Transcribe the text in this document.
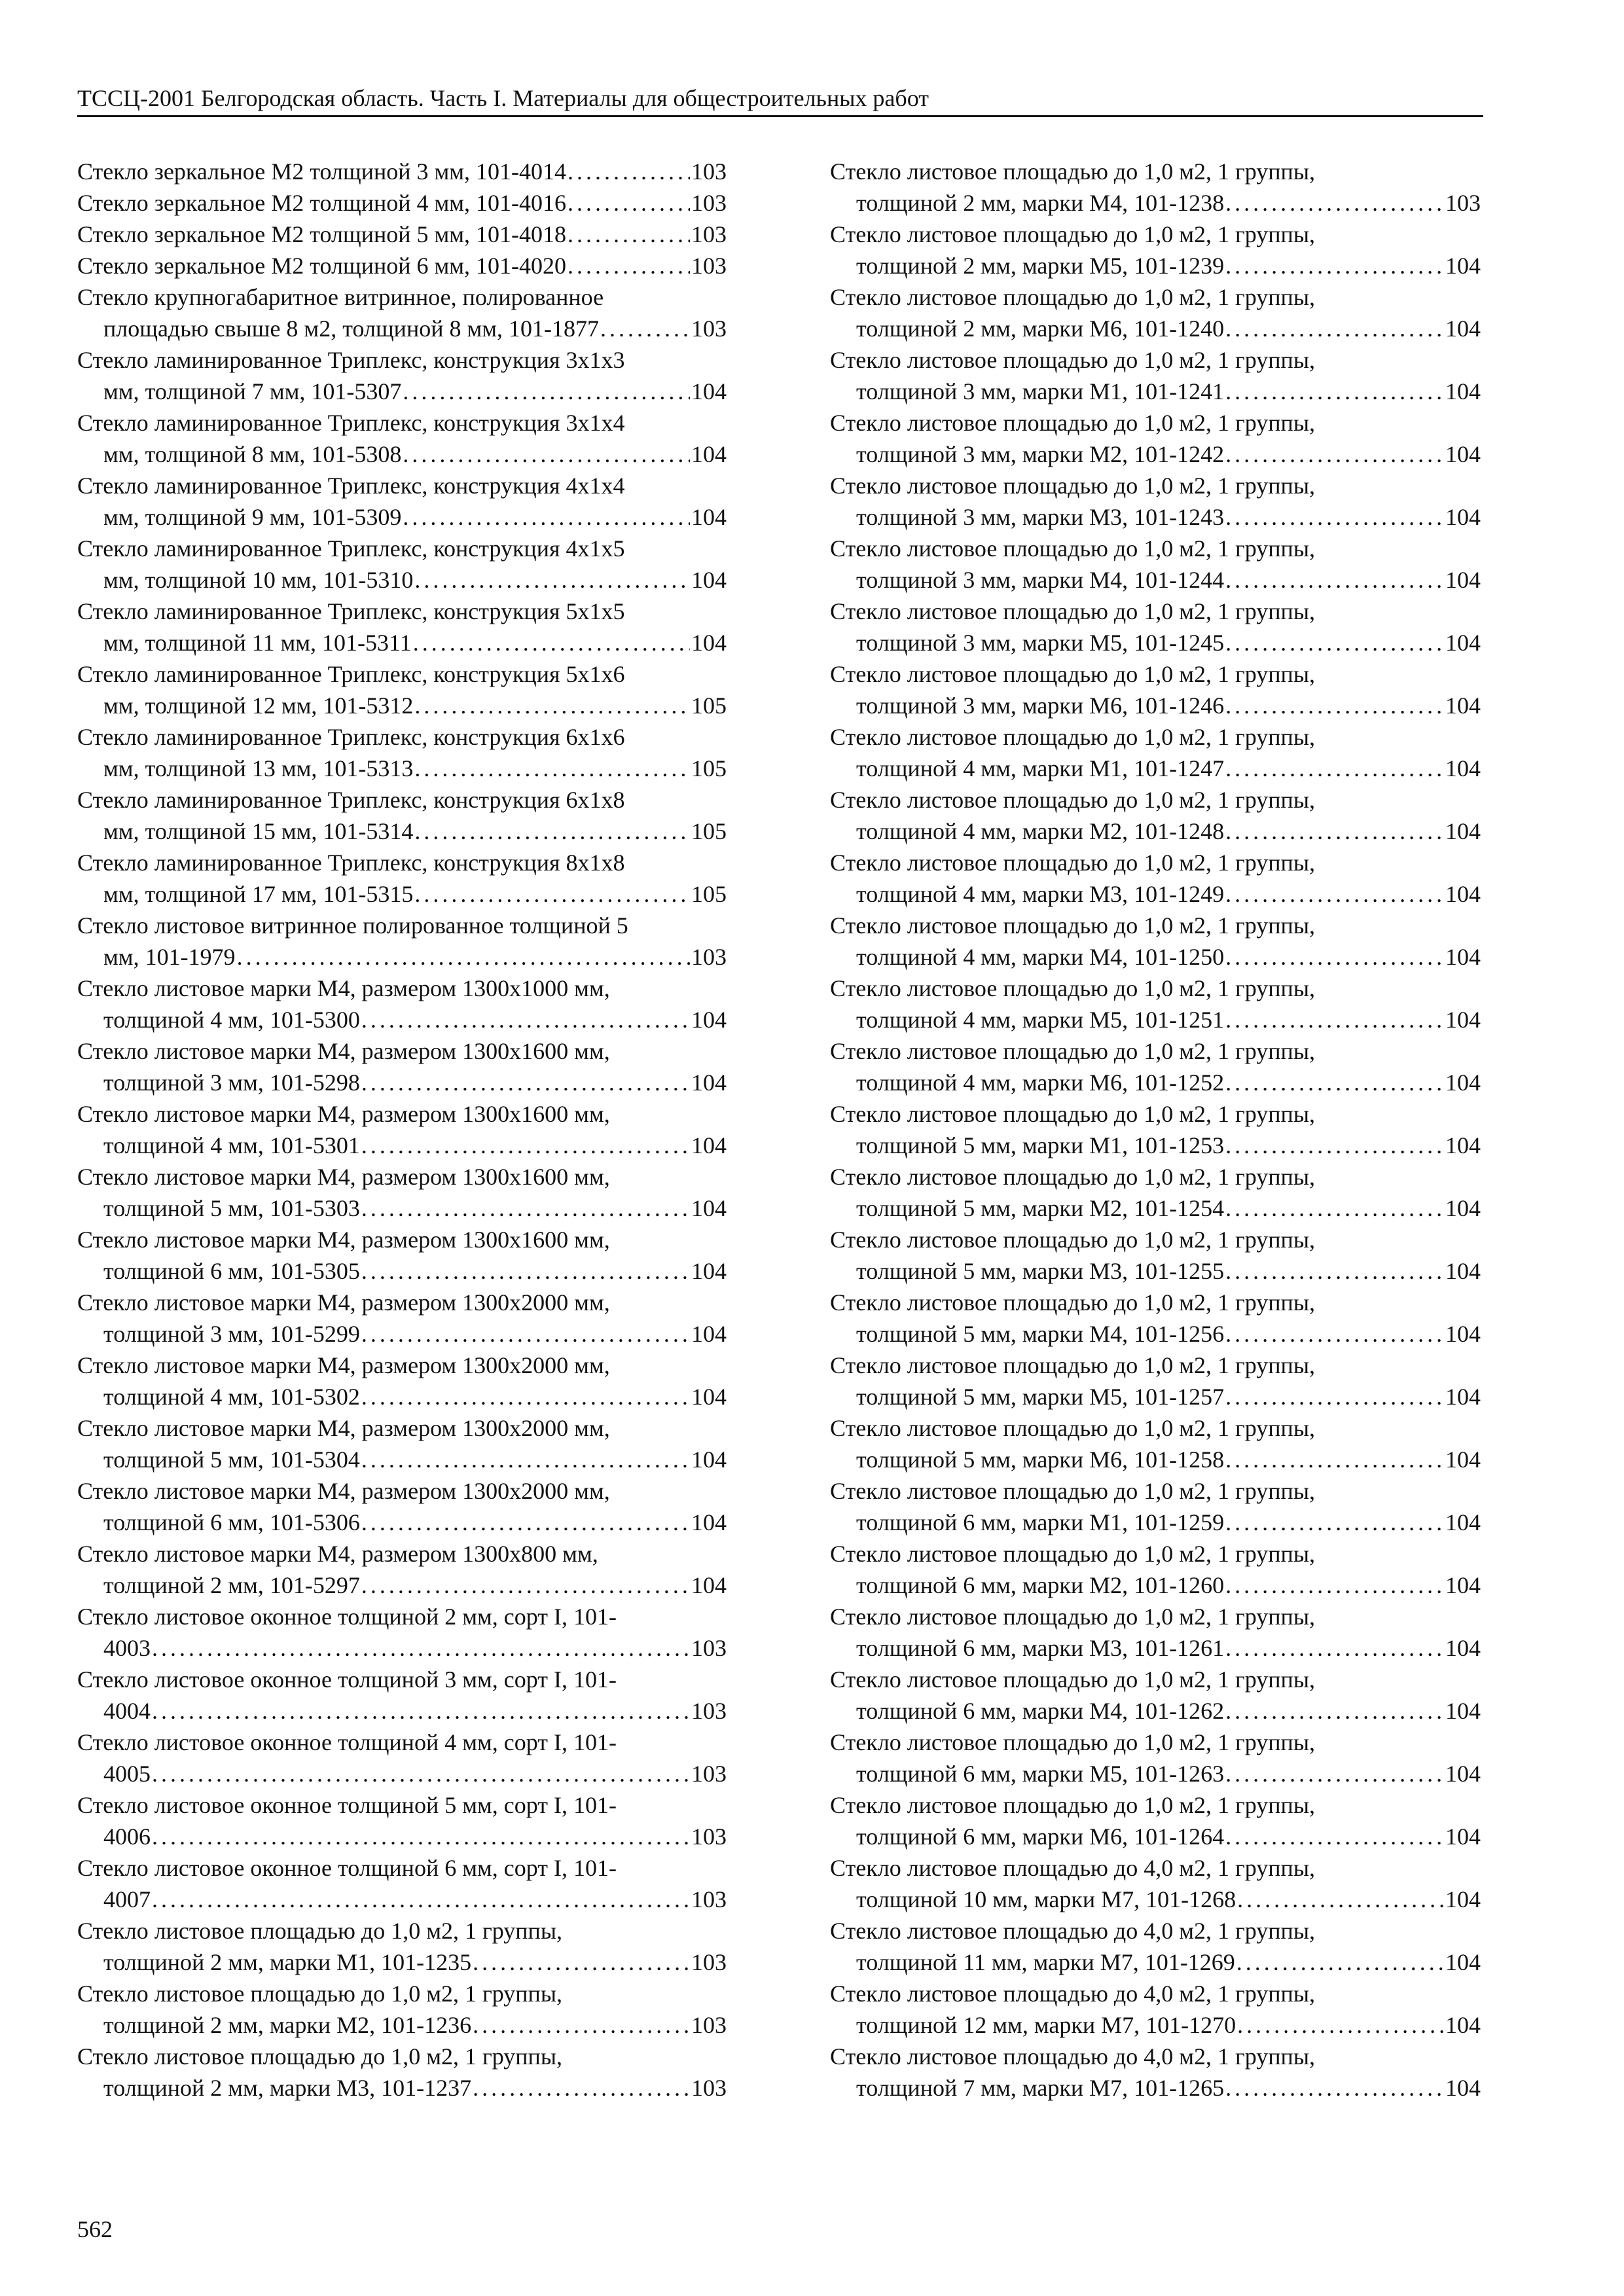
ТССЦ-2001 Белгородская область. Часть I. Материалы для общестроительных работ
Стекло зеркальное М2 толщиной 3 мм, 101-4014 . . .	103
Стекло зеркальное М2 толщиной 4 мм, 101-4016 . . .	103
Стекло зеркальное М2 толщиной 5 мм, 101-4018 . . .	103
Стекло зеркальное М2 толщиной 6 мм, 101-4020 . . .	103
Стекло крупногабаритное витринное, полированное
площадью свыше 8 м2, толщиной 8 мм, 101-1877 . . .	103
Стекло ламинированное Триплекс, конструкция 3x1x3
мм, толщиной 7 мм, 101-5307 . . .	104
Стекло ламинированное Триплекс, конструкция 3x1x4
мм, толщиной 8 мм, 101-5308 . . .	104
Стекло ламинированное Триплекс, конструкция 4x1x4
мм, толщиной 9 мм, 101-5309 . . .	104
Стекло ламинированное Триплекс, конструкция 4x1x5
мм, толщиной 10 мм, 101-5310 . . .	104
Стекло ламинированное Триплекс, конструкция 5x1x5
мм, толщиной 11 мм, 101-5311 . . .	104
Стекло ламинированное Триплекс, конструкция 5x1x6
мм, толщиной 12 мм, 101-5312 . . .	105
Стекло ламинированное Триплекс, конструкция 6x1x6
мм, толщиной 13 мм, 101-5313 . . .	105
Стекло ламинированное Триплекс, конструкция 6x1x8
мм, толщиной 15 мм, 101-5314 . . .	105
Стекло ламинированное Триплекс, конструкция 8x1x8
мм, толщиной 17 мм, 101-5315 . . .	105
Стекло листовое витринное полированное толщиной 5
мм, 101-1979 . . .	103
Стекло листовое марки М4, размером 1300x1000 мм,
толщиной 4 мм, 101-5300 . . .	104
Стекло листовое марки М4, размером 1300x1600 мм,
толщиной 3 мм, 101-5298 . . .	104
Стекло листовое марки М4, размером 1300x1600 мм,
толщиной 4 мм, 101-5301 . . .	104
Стекло листовое марки М4, размером 1300x1600 мм,
толщиной 5 мм, 101-5303 . . .	104
Стекло листовое марки М4, размером 1300x1600 мм,
толщиной 6 мм, 101-5305 . . .	104
Стекло листовое марки М4, размером 1300x2000 мм,
толщиной 3 мм, 101-5299 . . .	104
Стекло листовое марки М4, размером 1300x2000 мм,
толщиной 4 мм, 101-5302 . . .	104
Стекло листовое марки М4, размером 1300x2000 мм,
толщиной 5 мм, 101-5304 . . .	104
Стекло листовое марки М4, размером 1300x2000 мм,
толщиной 6 мм, 101-5306 . . .	104
Стекло листовое марки М4, размером 1300x800 мм,
толщиной 2 мм, 101-5297 . . .	104
Стекло листовое оконное толщиной 2 мм, сорт I, 101-
4003 . . .	103
Стекло листовое оконное толщиной 3 мм, сорт I, 101-
4004 . . .	103
Стекло листовое оконное толщиной 4 мм, сорт I, 101-
4005 . . .	103
Стекло листовое оконное толщиной 5 мм, сорт I, 101-
4006 . . .	103
Стекло листовое оконное толщиной 6 мм, сорт I, 101-
4007 . . .	103
Стекло листовое площадью до 1,0 м2, 1 группы,
толщиной 2 мм, марки М1, 101-1235 . . .	103
Стекло листовое площадью до 1,0 м2, 1 группы,
толщиной 2 мм, марки М2, 101-1236 . . .	103
Стекло листовое площадью до 1,0 м2, 1 группы,
толщиной 2 мм, марки М3, 101-1237 . . .	103
Стекло листовое площадью до 1,0 м2, 1 группы,
толщиной 2 мм, марки М4, 101-1238 . . .	103
Стекло листовое площадью до 1,0 м2, 1 группы,
толщиной 2 мм, марки М5, 101-1239 . . .	104
Стекло листовое площадью до 1,0 м2, 1 группы,
толщиной 2 мм, марки М6, 101-1240 . . .	104
Стекло листовое площадью до 1,0 м2, 1 группы,
толщиной 3 мм, марки М1, 101-1241 . . .	104
Стекло листовое площадью до 1,0 м2, 1 группы,
толщиной 3 мм, марки М2, 101-1242 . . .	104
Стекло листовое площадью до 1,0 м2, 1 группы,
толщиной 3 мм, марки М3, 101-1243 . . .	104
Стекло листовое площадью до 1,0 м2, 1 группы,
толщиной 3 мм, марки М4, 101-1244 . . .	104
Стекло листовое площадью до 1,0 м2, 1 группы,
толщиной 3 мм, марки М5, 101-1245 . . .	104
Стекло листовое площадью до 1,0 м2, 1 группы,
толщиной 3 мм, марки М6, 101-1246 . . .	104
Стекло листовое площадью до 1,0 м2, 1 группы,
толщиной 4 мм, марки М1, 101-1247 . . .	104
Стекло листовое площадью до 1,0 м2, 1 группы,
толщиной 4 мм, марки М2, 101-1248 . . .	104
Стекло листовое площадью до 1,0 м2, 1 группы,
толщиной 4 мм, марки М3, 101-1249 . . .	104
Стекло листовое площадью до 1,0 м2, 1 группы,
толщиной 4 мм, марки М4, 101-1250 . . .	104
Стекло листовое площадью до 1,0 м2, 1 группы,
толщиной 4 мм, марки М5, 101-1251 . . .	104
Стекло листовое площадью до 1,0 м2, 1 группы,
толщиной 4 мм, марки М6, 101-1252 . . .	104
Стекло листовое площадью до 1,0 м2, 1 группы,
толщиной 5 мм, марки М1, 101-1253 . . .	104
Стекло листовое площадью до 1,0 м2, 1 группы,
толщиной 5 мм, марки М2, 101-1254 . . .	104
Стекло листовое площадью до 1,0 м2, 1 группы,
толщиной 5 мм, марки М3, 101-1255 . . .	104
Стекло листовое площадью до 1,0 м2, 1 группы,
толщиной 5 мм, марки М4, 101-1256 . . .	104
Стекло листовое площадью до 1,0 м2, 1 группы,
толщиной 5 мм, марки М5, 101-1257 . . .	104
Стекло листовое площадью до 1,0 м2, 1 группы,
толщиной 5 мм, марки М6, 101-1258 . . .	104
Стекло листовое площадью до 1,0 м2, 1 группы,
толщиной 6 мм, марки М1, 101-1259 . . .	104
Стекло листовое площадью до 1,0 м2, 1 группы,
толщиной 6 мм, марки М2, 101-1260 . . .	104
Стекло листовое площадью до 1,0 м2, 1 группы,
толщиной 6 мм, марки М3, 101-1261 . . .	104
Стекло листовое площадью до 1,0 м2, 1 группы,
толщиной 6 мм, марки М4, 101-1262 . . .	104
Стекло листовое площадью до 1,0 м2, 1 группы,
толщиной 6 мм, марки М5, 101-1263 . . .	104
Стекло листовое площадью до 1,0 м2, 1 группы,
толщиной 6 мм, марки М6, 101-1264 . . .	104
Стекло листовое площадью до 4,0 м2, 1 группы,
толщиной 10 мм, марки М7, 101-1268 . . .	104
Стекло листовое площадью до 4,0 м2, 1 группы,
толщиной 11 мм, марки М7, 101-1269 . . .	104
Стекло листовое площадью до 4,0 м2, 1 группы,
толщиной 12 мм, марки М7, 101-1270 . . .	104
Стекло листовое площадью до 4,0 м2, 1 группы,
толщиной 7 мм, марки М7, 101-1265 . . .	104
562
